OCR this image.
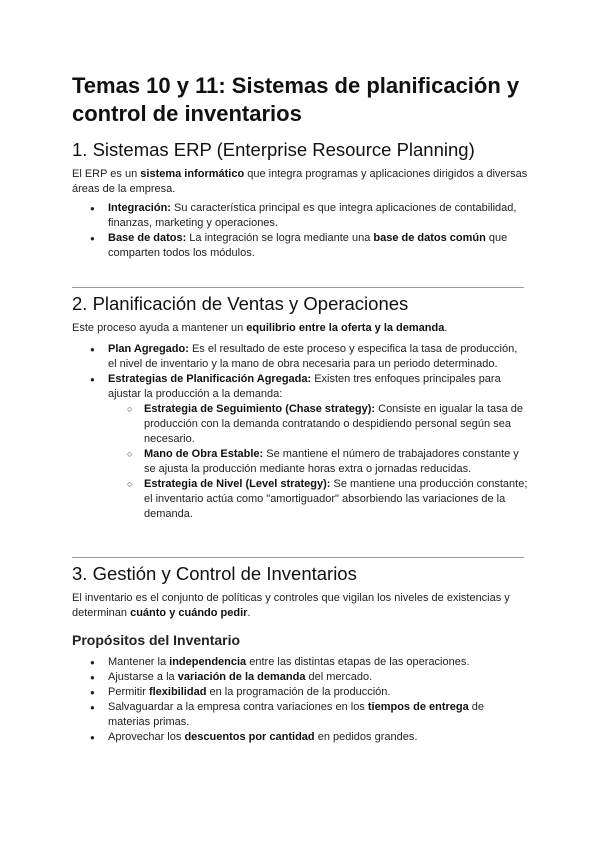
Temas 10 y 11: Sistemas de planificación y control de inventarios
1. Sistemas ERP (Enterprise Resource Planning)

El ERP es un sistema informático que integra programas y aplicaciones dirigidos a diversas áreas de la empresa.

● Integración: Su característica principal es que integra aplicaciones de contabilidad, finanzas, marketing y operaciones.
● Base de datos: La integración se logra mediante una base de datos común que comparten todos los módulos.
2. Planificación de Ventas y Operaciones

Este proceso ayuda a mantener un equilibrio entre la oferta y la demanda.

● Plan Agregado: Es el resultado de este proceso y especifica la tasa de producción, el nivel de inventario y la mano de obra necesaria para un periodo determinado.
● Estrategias de Planificación Agregada: Existen tres enfoques principales para ajustar la producción a la demanda:
○ Estrategia de Seguimiento (Chase strategy): Consiste en igualar la tasa de producción con la demanda contratando o despidiendo personal según sea necesario.
○ Mano de Obra Estable: Se mantiene el número de trabajadores constante y se ajusta la producción mediante horas extra o jornadas reducidas.
○ Estrategia de Nivel (Level strategy): Se mantiene una producción constante; el inventario actúa como "amortiguador" absorbiendo las variaciones de la demanda.
3. Gestión y Control de Inventarios

El inventario es el conjunto de políticas y controles que vigilan los niveles de existencias y determinan cuánto y cuándo pedir.

Propósitos del Inventario
● Mantener la independencia entre las distintas etapas de las operaciones.
● Ajustarse a la variación de la demanda del mercado.
● Permitir flexibilidad en la programación de la producción.
● Salvaguardar a la empresa contra variaciones en los tiempos de entrega de materias primas.
● Aprovechar los descuentos por cantidad en pedidos grandes.
